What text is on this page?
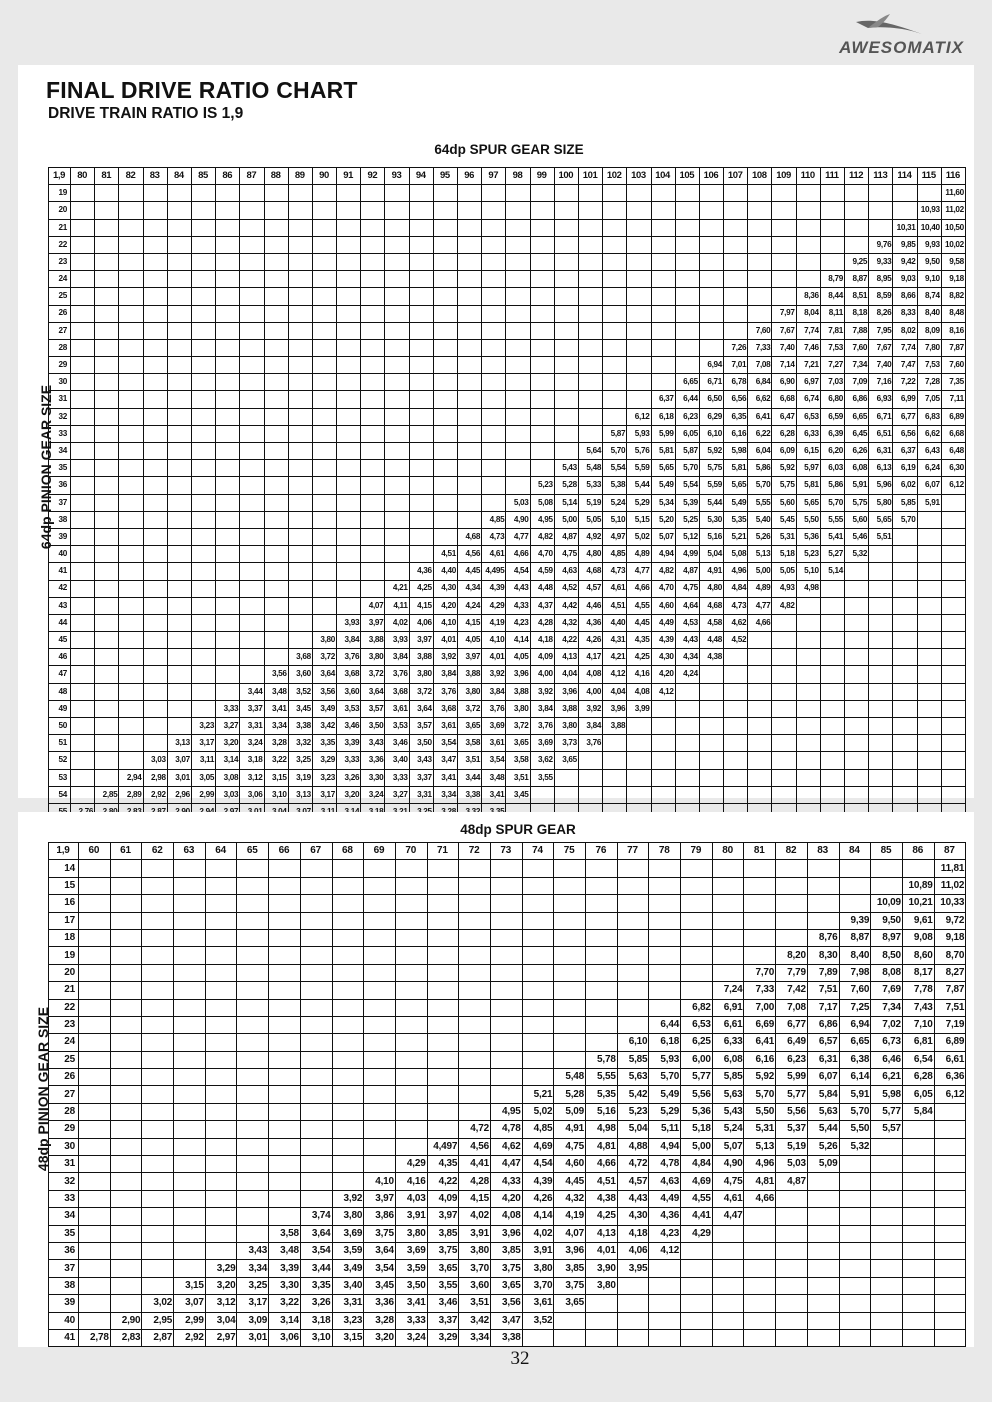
AWESOMATIX
FINAL DRIVE RATIO CHART
DRIVE TRAIN RATIO IS 1,9
64dp SPUR GEAR SIZE
64dp PINION GEAR SIZE
1,9	80	81	82	83	84	85	86	87	88	89	90	91	92	93	94	95	96	97	98	99	100	101	102	103	104	105	106	107	108	109	110	111	112	113	114	115	116
19																																					11,60
20																																				10,93	11,02
21																																			10,31	10,40	10,50
22																																		9,76	9,85	9,93	10,02
23																																	9,25	9,33	9,42	9,50	9,58
24																																8,79	8,87	8,95	9,03	9,10	9,18
25																															8,36	8,44	8,51	8,59	8,66	8,74	8,82
26																														7,97	8,04	8,11	8,18	8,26	8,33	8,40	8,48
27																													7,60	7,67	7,74	7,81	7,88	7,95	8,02	8,09	8,16
28																												7,26	7,33	7,40	7,46	7,53	7,60	7,67	7,74	7,80	7,87
29																											6,94	7,01	7,08	7,14	7,21	7,27	7,34	7,40	7,47	7,53	7,60
30																										6,65	6,71	6,78	6,84	6,90	6,97	7,03	7,09	7,16	7,22	7,28	7,35
31																									6,37	6,44	6,50	6,56	6,62	6,68	6,74	6,80	6,86	6,93	6,99	7,05	7,11
32																								6,12	6,18	6,23	6,29	6,35	6,41	6,47	6,53	6,59	6,65	6,71	6,77	6,83	6,89
33																							5,87	5,93	5,99	6,05	6,10	6,16	6,22	6,28	6,33	6,39	6,45	6,51	6,56	6,62	6,68
34																						5,64	5,70	5,76	5,81	5,87	5,92	5,98	6,04	6,09	6,15	6,20	6,26	6,31	6,37	6,43	6,48
35																					5,43	5,48	5,54	5,59	5,65	5,70	5,75	5,81	5,86	5,92	5,97	6,03	6,08	6,13	6,19	6,24	6,30
36																				5,23	5,28	5,33	5,38	5,44	5,49	5,54	5,59	5,65	5,70	5,75	5,81	5,86	5,91	5,96	6,02	6,07	6,12
37																			5,03	5,08	5,14	5,19	5,24	5,29	5,34	5,39	5,44	5,49	5,55	5,60	5,65	5,70	5,75	5,80	5,85	5,91	
38																		4,85	4,90	4,95	5,00	5,05	5,10	5,15	5,20	5,25	5,30	5,35	5,40	5,45	5,50	5,55	5,60	5,65	5,70		
39																	4,68	4,73	4,77	4,82	4,87	4,92	4,97	5,02	5,07	5,12	5,16	5,21	5,26	5,31	5,36	5,41	5,46	5,51			
40																4,51	4,56	4,61	4,66	4,70	4,75	4,80	4,85	4,89	4,94	4,99	5,04	5,08	5,13	5,18	5,23	5,27	5,32				
41															4,36	4,40	4,45	4,495	4,54	4,59	4,63	4,68	4,73	4,77	4,82	4,87	4,91	4,96	5,00	5,05	5,10	5,14					
42														4,21	4,25	4,30	4,34	4,39	4,43	4,48	4,52	4,57	4,61	4,66	4,70	4,75	4,80	4,84	4,89	4,93	4,98						
43													4,07	4,11	4,15	4,20	4,24	4,29	4,33	4,37	4,42	4,46	4,51	4,55	4,60	4,64	4,68	4,73	4,77	4,82							
44												3,93	3,97	4,02	4,06	4,10	4,15	4,19	4,23	4,28	4,32	4,36	4,40	4,45	4,49	4,53	4,58	4,62	4,66								
45											3,80	3,84	3,88	3,93	3,97	4,01	4,05	4,10	4,14	4,18	4,22	4,26	4,31	4,35	4,39	4,43	4,48	4,52									
46										3,68	3,72	3,76	3,80	3,84	3,88	3,92	3,97	4,01	4,05	4,09	4,13	4,17	4,21	4,25	4,30	4,34	4,38										
47									3,56	3,60	3,64	3,68	3,72	3,76	3,80	3,84	3,88	3,92	3,96	4,00	4,04	4,08	4,12	4,16	4,20	4,24											
48								3,44	3,48	3,52	3,56	3,60	3,64	3,68	3,72	3,76	3,80	3,84	3,88	3,92	3,96	4,00	4,04	4,08	4,12												
49							3,33	3,37	3,41	3,45	3,49	3,53	3,57	3,61	3,64	3,68	3,72	3,76	3,80	3,84	3,88	3,92	3,96	3,99													
50						3,23	3,27	3,31	3,34	3,38	3,42	3,46	3,50	3,53	3,57	3,61	3,65	3,69	3,72	3,76	3,80	3,84	3,88														
51					3,13	3,17	3,20	3,24	3,28	3,32	3,35	3,39	3,43	3,46	3,50	3,54	3,58	3,61	3,65	3,69	3,73	3,76															
52				3,03	3,07	3,11	3,14	3,18	3,22	3,25	3,29	3,33	3,36	3,40	3,43	3,47	3,51	3,54	3,58	3,62	3,65																
53			2,94	2,98	3,01	3,05	3,08	3,12	3,15	3,19	3,23	3,26	3,30	3,33	3,37	3,41	3,44	3,48	3,51	3,55																	
54		2,85	2,89	2,92	2,96	2,99	3,03	3,06	3,10	3,13	3,17	3,20	3,24	3,27	3,31	3,34	3,38	3,41	3,45																		

48dp SPUR GEAR
48dp PINION GEAR SIZE
1,9	60	61	62	63	64	65	66	67	68	69	70	71	72	73	74	75	76	77	78	79	80	81	82	83	84	85	86	87
14																												11,81
15																											10,89	11,02
16																										10,09	10,21	10,33
17																									9,39	9,50	9,61	9,72
18																								8,76	8,87	8,97	9,08	9,18
19																							8,20	8,30	8,40	8,50	8,60	8,70
20																						7,70	7,79	7,89	7,98	8,08	8,17	8,27
21																					7,24	7,33	7,42	7,51	7,60	7,69	7,78	7,87
22																				6,82	6,91	7,00	7,08	7,17	7,25	7,34	7,43	7,51
23																			6,44	6,53	6,61	6,69	6,77	6,86	6,94	7,02	7,10	7,19
24																		6,10	6,18	6,25	6,33	6,41	6,49	6,57	6,65	6,73	6,81	6,89
25																	5,78	5,85	5,93	6,00	6,08	6,16	6,23	6,31	6,38	6,46	6,54	6,61
26																5,48	5,55	5,63	5,70	5,77	5,85	5,92	5,99	6,07	6,14	6,21	6,28	6,36
27															5,21	5,28	5,35	5,42	5,49	5,56	5,63	5,70	5,77	5,84	5,91	5,98	6,05	6,12
28														4,95	5,02	5,09	5,16	5,23	5,29	5,36	5,43	5,50	5,56	5,63	5,70	5,77	5,84	
29													4,72	4,78	4,85	4,91	4,98	5,04	5,11	5,18	5,24	5,31	5,37	5,44	5,50	5,57		
30												4,497	4,56	4,62	4,69	4,75	4,81	4,88	4,94	5,00	5,07	5,13	5,19	5,26	5,32			
31											4,29	4,35	4,41	4,47	4,54	4,60	4,66	4,72	4,78	4,84	4,90	4,96	5,03	5,09				
32										4,10	4,16	4,22	4,28	4,33	4,39	4,45	4,51	4,57	4,63	4,69	4,75	4,81	4,87					
33									3,92	3,97	4,03	4,09	4,15	4,20	4,26	4,32	4,38	4,43	4,49	4,55	4,61	4,66						
34								3,74	3,80	3,86	3,91	3,97	4,02	4,08	4,14	4,19	4,25	4,30	4,36	4,41	4,47							
35							3,58	3,64	3,69	3,75	3,80	3,85	3,91	3,96	4,02	4,07	4,13	4,18	4,23	4,29								
36						3,43	3,48	3,54	3,59	3,64	3,69	3,75	3,80	3,85	3,91	3,96	4,01	4,06	4,12									
37					3,29	3,34	3,39	3,44	3,49	3,54	3,59	3,65	3,70	3,75	3,80	3,85	3,90	3,95										
38				3,15	3,20	3,25	3,30	3,35	3,40	3,45	3,50	3,55	3,60	3,65	3,70	3,75	3,80											
39			3,02	3,07	3,12	3,17	3,22	3,26	3,31	3,36	3,41	3,46	3,51	3,56	3,61	3,65												
40		2,90	2,95	2,99	3,04	3,09	3,14	3,18	3,23	3,28	3,33	3,37	3,42	3,47	3,52													
41	2,78	2,83	2,87	2,92	2,97	3,01	3,06	3,10	3,15	3,20	3,24	3,29	3,34	3,38														
32
